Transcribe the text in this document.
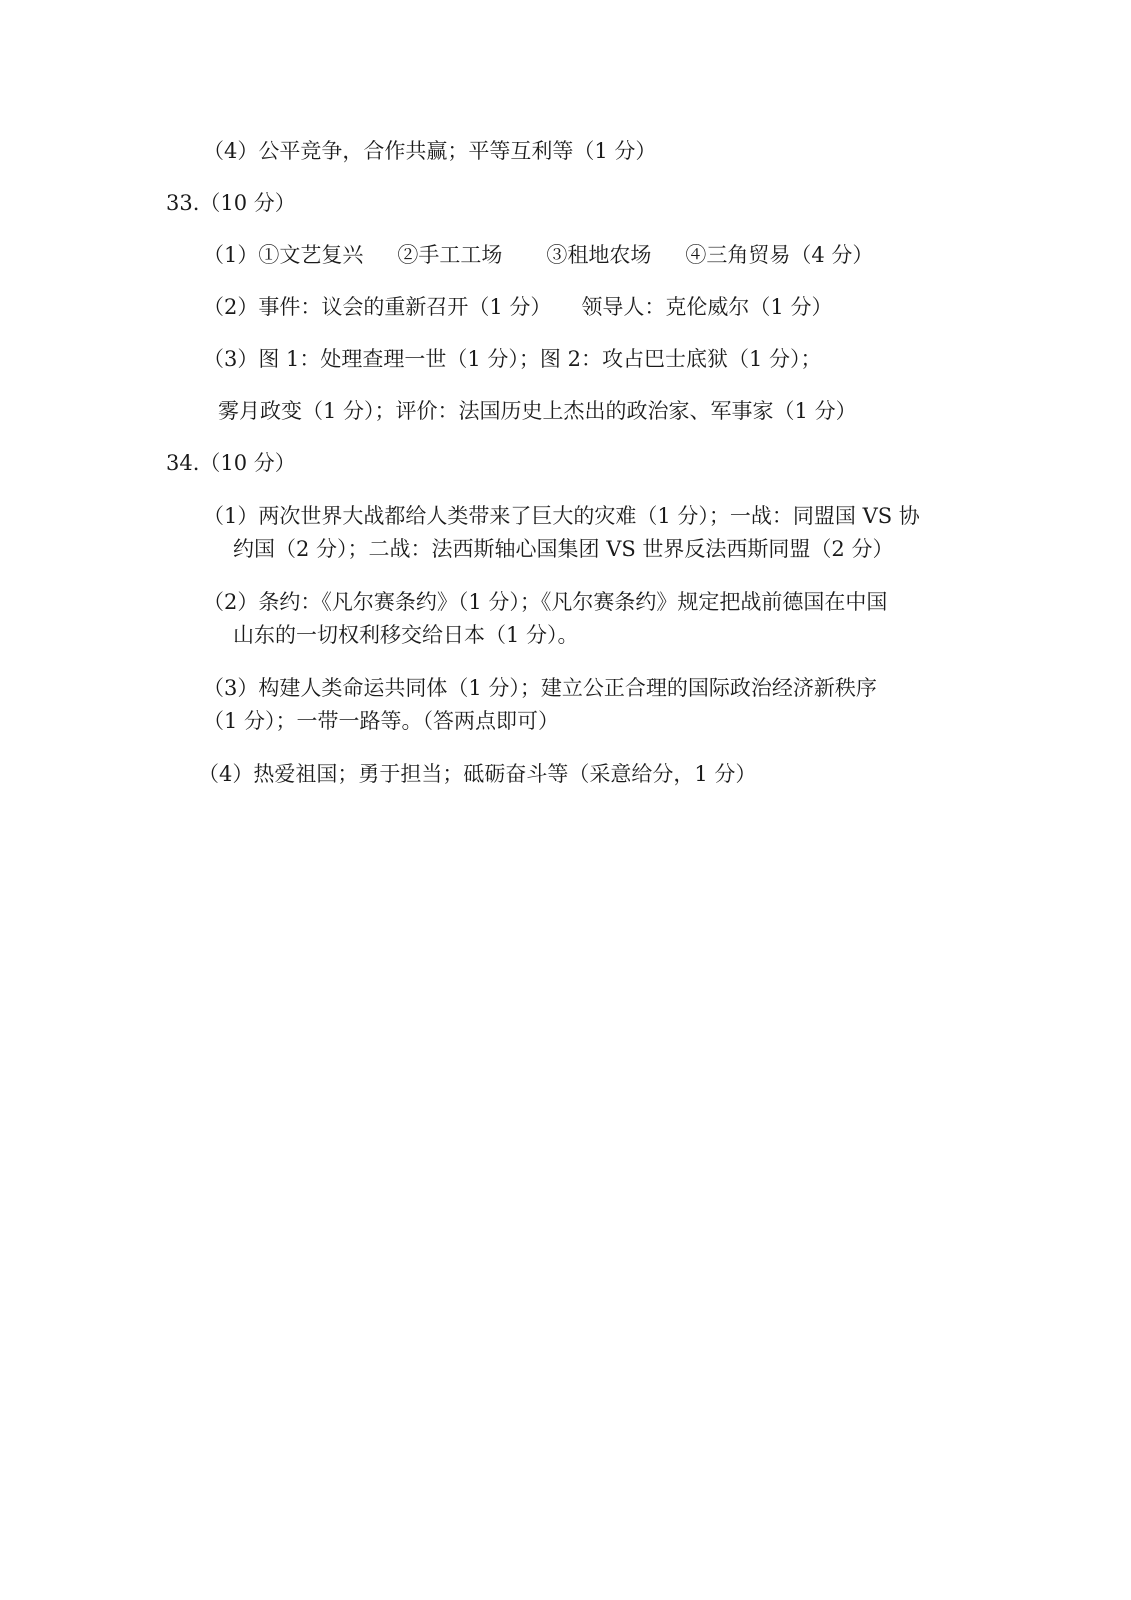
（4）公平竞争，合作共赢；平等互利等（1 分）
33.（10 分）
（1）①文艺复兴 ②手工工场 ③租地农场 ④三角贸易（4 分）
（2）事件：议会的重新召开（1 分） 领导人：克伦威尔（1 分）
（3）图 1：处理查理一世（1 分）；图 2：攻占巴士底狱（1 分）；
雾月政变（1 分）；评价：法国历史上杰出的政治家、军事家（1 分）
34.（10 分）
（1）两次世界大战都给人类带来了巨大的灾难（1 分）；一战：同盟国 VS 协
约国（2 分）；二战：法西斯轴心国集团 VS 世界反法西斯同盟（2 分）
（2）条约：《凡尔赛条约》（1 分）；《凡尔赛条约》规定把战前德国在中国
山东的一切权利移交给日本（1 分）。
（3）构建人类命运共同体（1 分）；建立公正合理的国际政治经济新秩序
（1 分）；一带一路等。（答两点即可）
（4）热爱祖国；勇于担当；砥砺奋斗等（采意给分，1 分）
